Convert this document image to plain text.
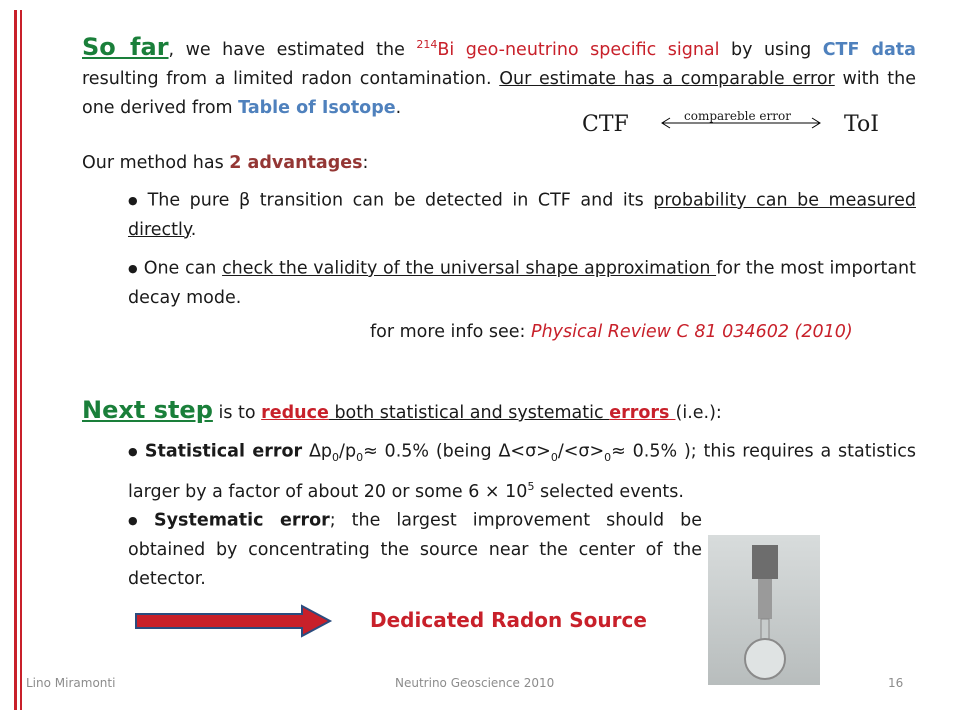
So far, we have estimated the $^{214}$Bi geo-neutrino specific signal by using CTF data resulting from a limited radon contamination. Our estimate has a comparable error with the one derived from Table of Isotope.

CTF	compareble error ToI

Our method has 2 advantages:

● The pure β transition can be detected in CTF and its probability can be measured directly.

● One can check the validity of the universal shape approximation for the most important decay mode.

for more info see: Physical Review C 81 034602 (2010)

Next step is to reduce both statistical and systematic errors (i.e.):

● Statistical error $\Delta p_0/p_0\approx 0.5\%$ (being $\Delta<\sigma>_0/<\sigma>_0\approx 0.5\%$ ); this requires a statistics larger by a factor of about 20 or some $6 \times 10^5$ selected events.

● Systematic error; the largest improvement should be obtained by concentrating the source near the center of the detector.

Dedicated Radon Source
Lino Miramonti	Neutrino Geoscience 2010	16
